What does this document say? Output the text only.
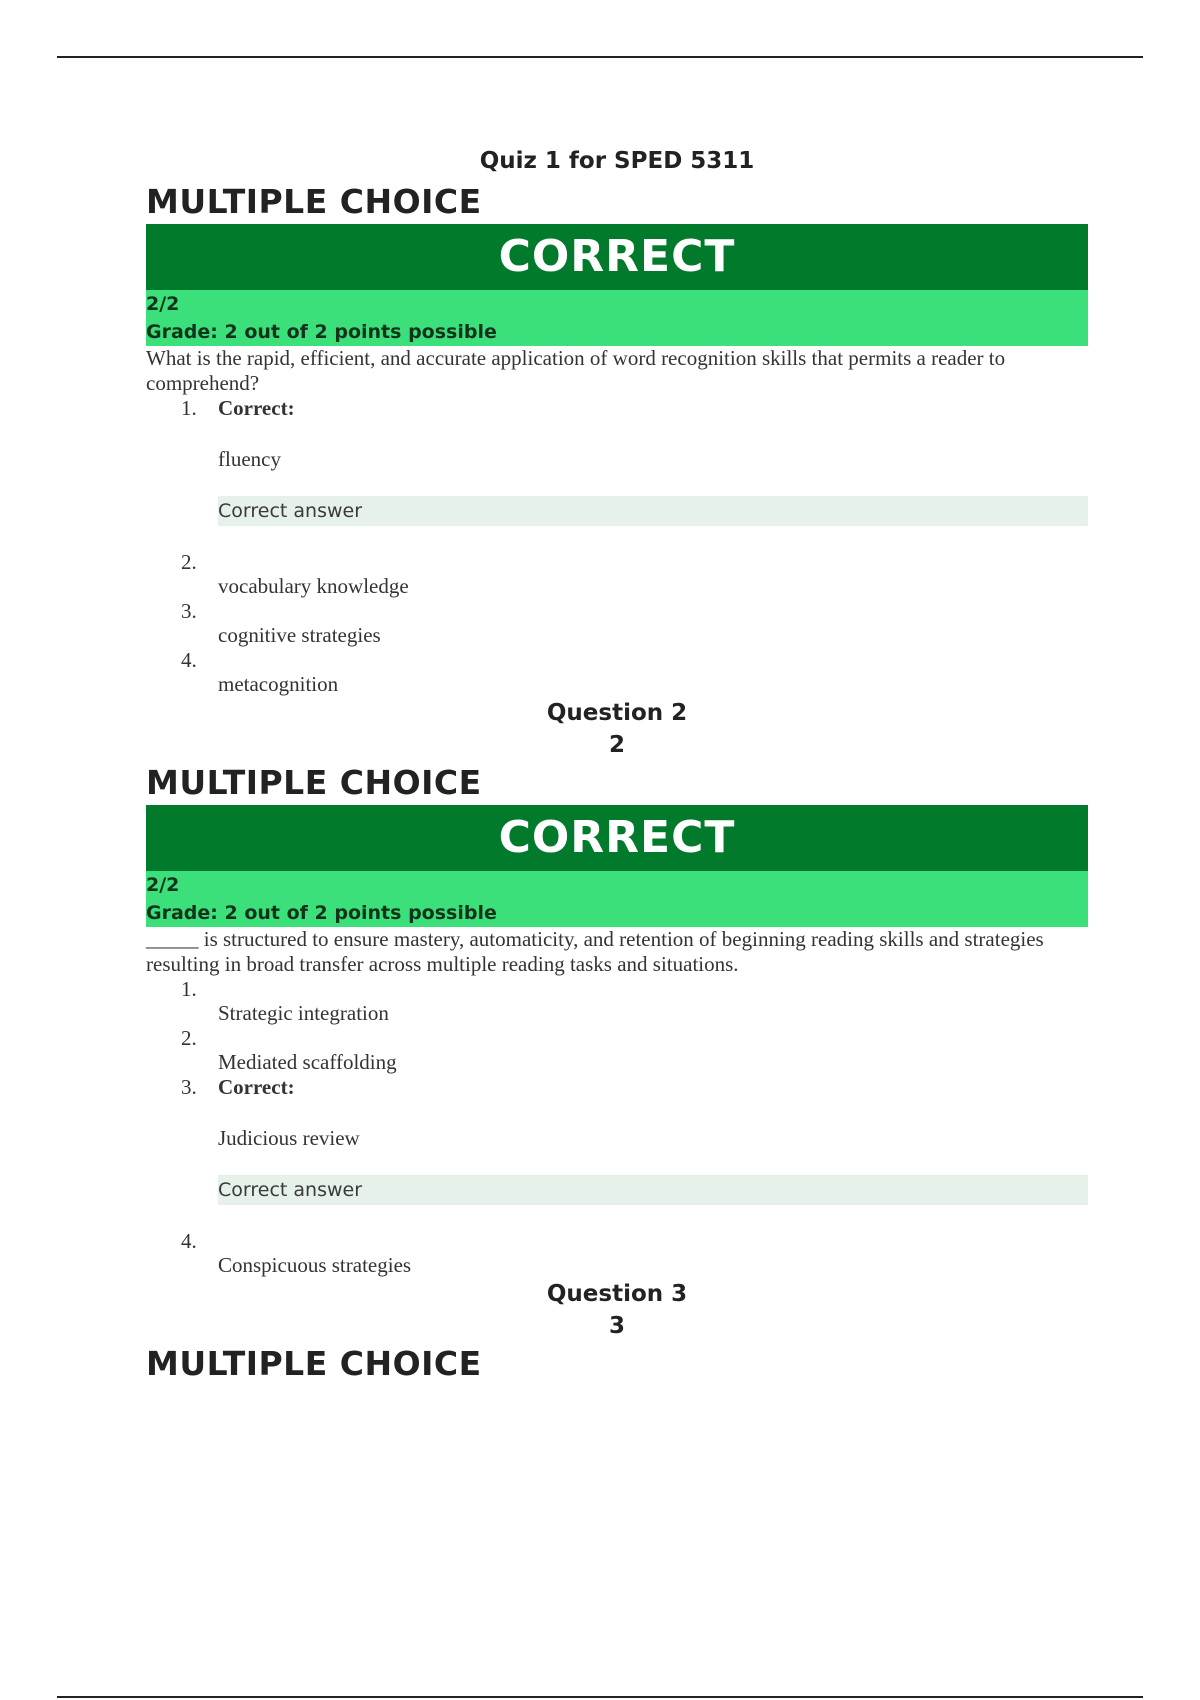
Quiz 1 for SPED 5311
MULTIPLE CHOICE
CORRECT
2/2
Grade: 2 out of 2 points possible

What is the rapid, efficient, and accurate application of word recognition skills that permits a reader to comprehend?

1.	Correct:
fluency
Correct answer
2.
vocabulary knowledge
3.
cognitive strategies
4.
metacognition
Question 2
2
MULTIPLE CHOICE
CORRECT
2/2
Grade: 2 out of 2 points possible

_____ is structured to ensure mastery, automaticity, and retention of beginning reading skills and strategies resulting in broad transfer across multiple reading tasks and situations.

1.
Strategic integration
2.
Mediated scaffolding
3.	Correct:
Judicious review
Correct answer
4.
Conspicuous strategies
Question 3
3
MULTIPLE CHOICE
